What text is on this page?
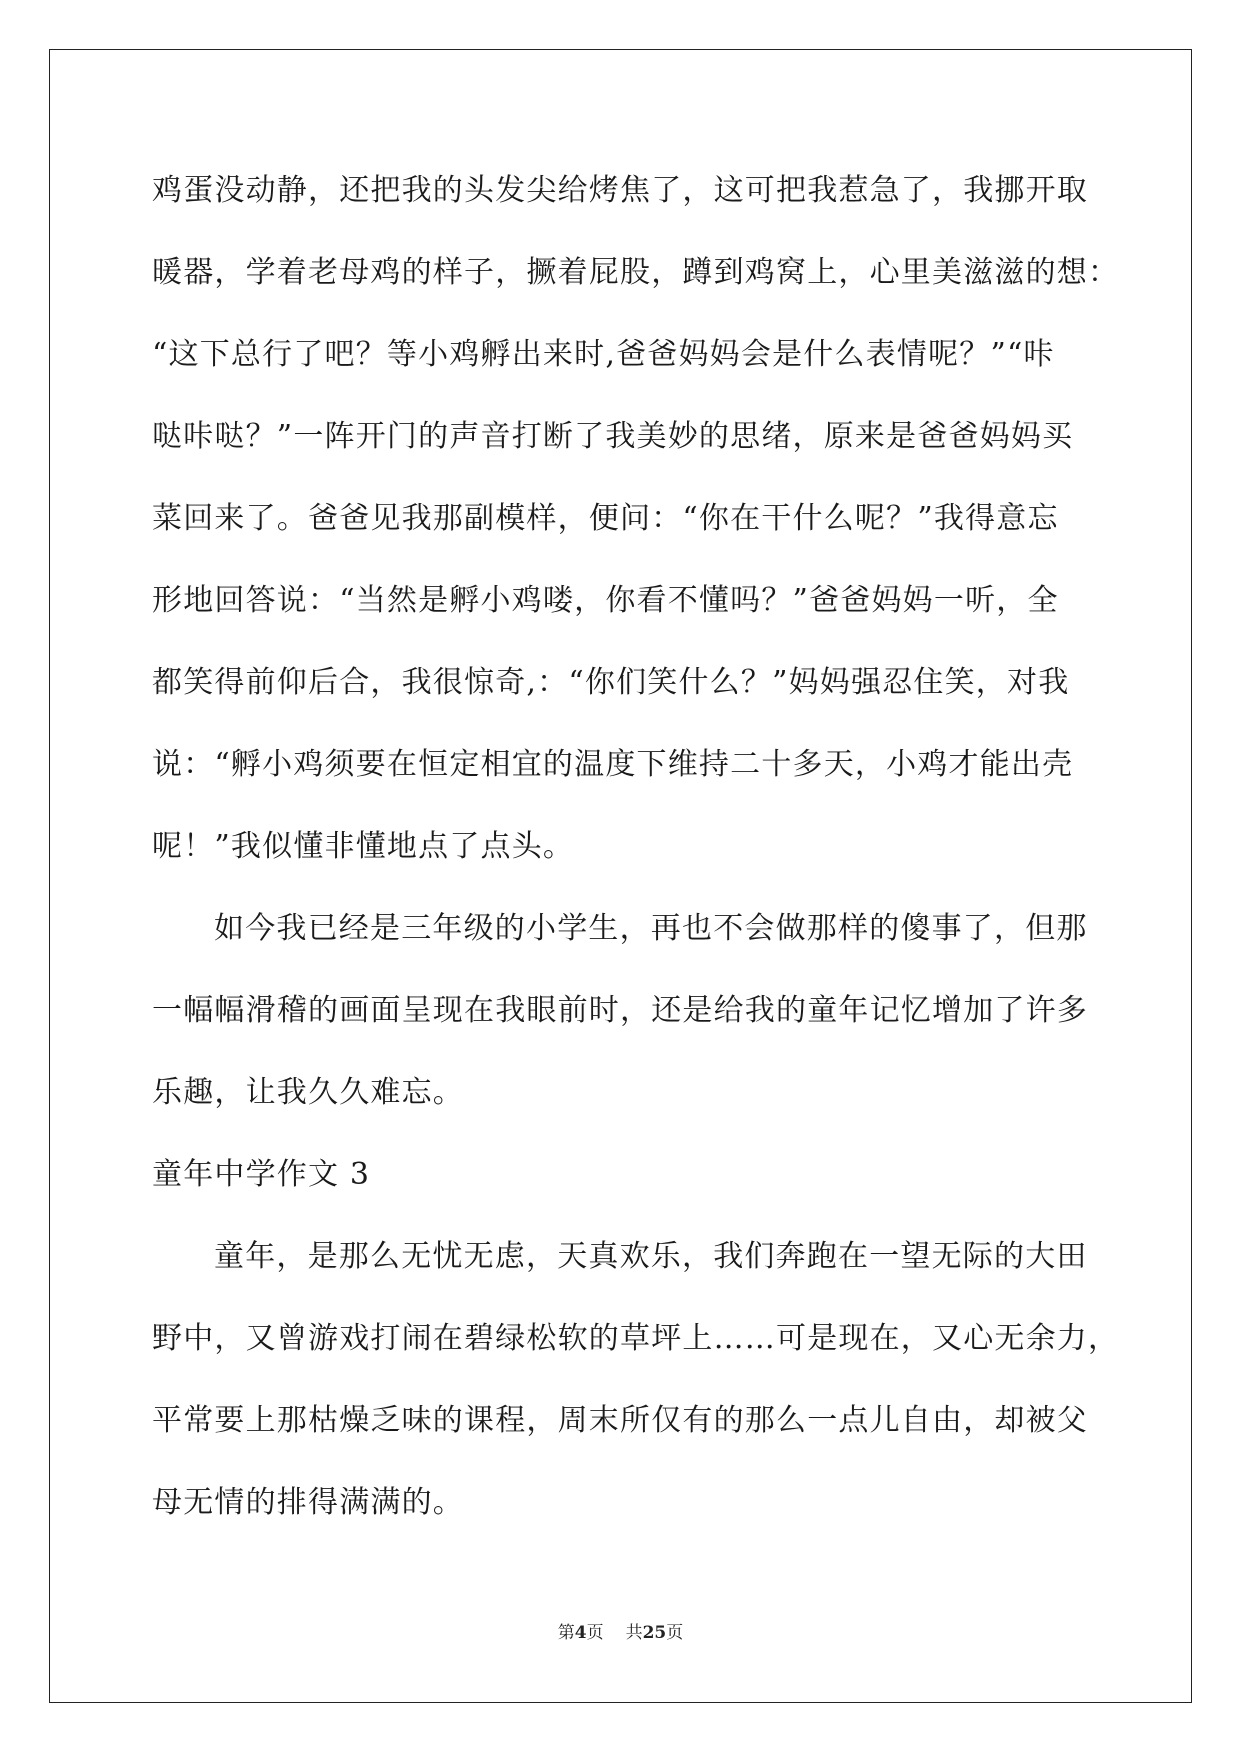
鸡蛋没动静，还把我的头发尖给烤焦了，这可把我惹急了，我挪开取
暖器，学着老母鸡的样子，撅着屁股，蹲到鸡窝上，心里美滋滋的想：
“这下总行了吧？等小鸡孵出来时,爸爸妈妈会是什么表情呢？”“咔
哒咔哒？”一阵开门的声音打断了我美妙的思绪，原来是爸爸妈妈买
菜回来了。爸爸见我那副模样，便问：“你在干什么呢？”我得意忘
形地回答说：“当然是孵小鸡喽，你看不懂吗？”爸爸妈妈一听，全
都笑得前仰后合，我很惊奇,：“你们笑什么？”妈妈强忍住笑，对我
说：“孵小鸡须要在恒定相宜的温度下维持二十多天，小鸡才能出壳
呢！”我似懂非懂地点了点头。
如今我已经是三年级的小学生，再也不会做那样的傻事了，但那
一幅幅滑稽的画面呈现在我眼前时，还是给我的童年记忆增加了许多
乐趣，让我久久难忘。
童年中学作文 3
童年，是那么无忧无虑，天真欢乐，我们奔跑在一望无际的大田
野中，又曾游戏打闹在碧绿松软的草坪上……可是现在，又心无余力，
平常要上那枯燥乏味的课程，周末所仅有的那么一点儿自由，却被父
母无情的排得满满的。
第4页 共25页
